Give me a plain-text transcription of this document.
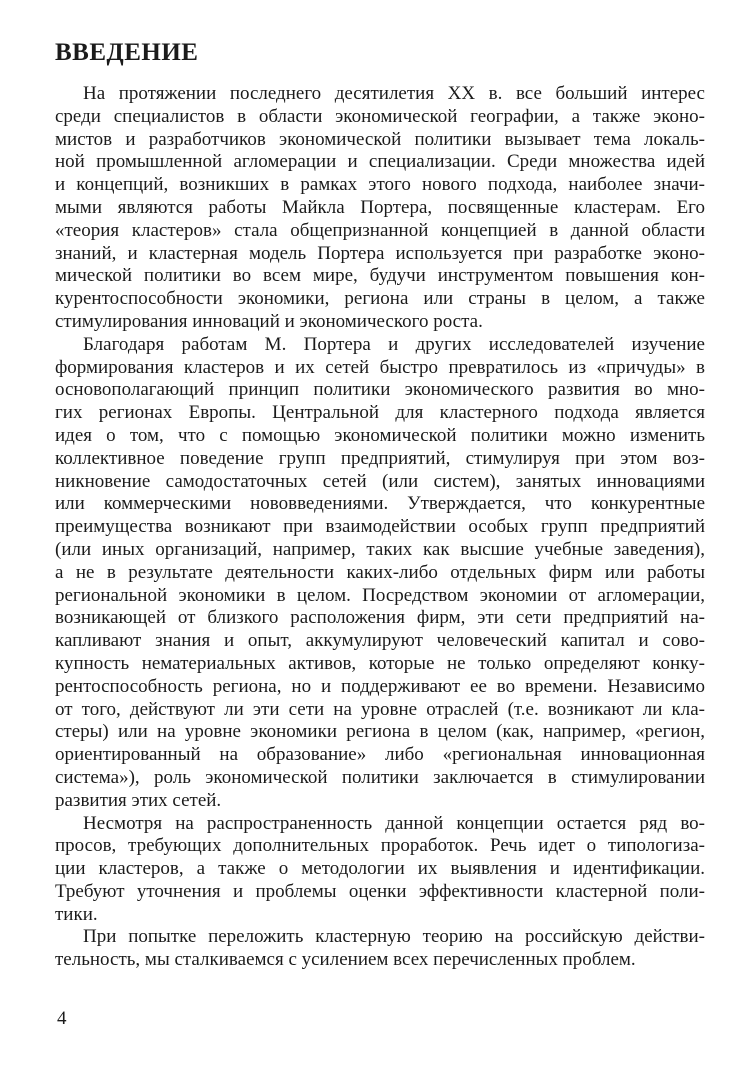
ВВЕДЕНИЕ

На протяжении последнего десятилетия XX в. все больший интерес
среди специалистов в области экономической географии, а также эконо-
мистов и разработчиков экономической политики вызывает тема локаль-
ной промышленной агломерации и специализации. Среди множества идей
и концепций, возникших в рамках этого нового подхода, наиболее значи-
мыми являются работы Майкла Портера, посвященные кластерам. Его
«теория кластеров» стала общепризнанной концепцией в данной области
знаний, и кластерная модель Портера используется при разработке эконо-
мической политики во всем мире, будучи инструментом повышения кон-
курентоспособности экономики, региона или страны в целом, а также
стимулирования инноваций и экономического роста.

Благодаря работам М. Портера и других исследователей изучение
формирования кластеров и их сетей быстро превратилось из «причуды» в
основополагающий принцип политики экономического развития во мно-
гих регионах Европы. Центральной для кластерного подхода является
идея о том, что с помощью экономической политики можно изменить
коллективное поведение групп предприятий, стимулируя при этом воз-
никновение самодостаточных сетей (или систем), занятых инновациями
или коммерческими нововведениями. Утверждается, что конкурентные
преимущества возникают при взаимодействии особых групп предприятий
(или иных организаций, например, таких как высшие учебные заведения),
а не в результате деятельности каких-либо отдельных фирм или работы
региональной экономики в целом. Посредством экономии от агломерации,
возникающей от близкого расположения фирм, эти сети предприятий на-
капливают знания и опыт, аккумулируют человеческий капитал и сово-
купность нематериальных активов, которые не только определяют конку-
рентоспособность региона, но и поддерживают ее во времени. Независимо
от того, действуют ли эти сети на уровне отраслей (т.е. возникают ли кла-
стеры) или на уровне экономики региона в целом (как, например, «регион,
ориентированный на образование» либо «региональная инновационная
система»), роль экономической политики заключается в стимулировании
развития этих сетей.

Несмотря на распространенность данной концепции остается ряд во-
просов, требующих дополнительных проработок. Речь идет о типологиза-
ции кластеров, а также о методологии их выявления и идентификации.
Требуют уточнения и проблемы оценки эффективности кластерной поли-
тики.

При попытке переложить кластерную теорию на российскую действи-
тельность, мы сталкиваемся с усилением всех перечисленных проблем.

4
